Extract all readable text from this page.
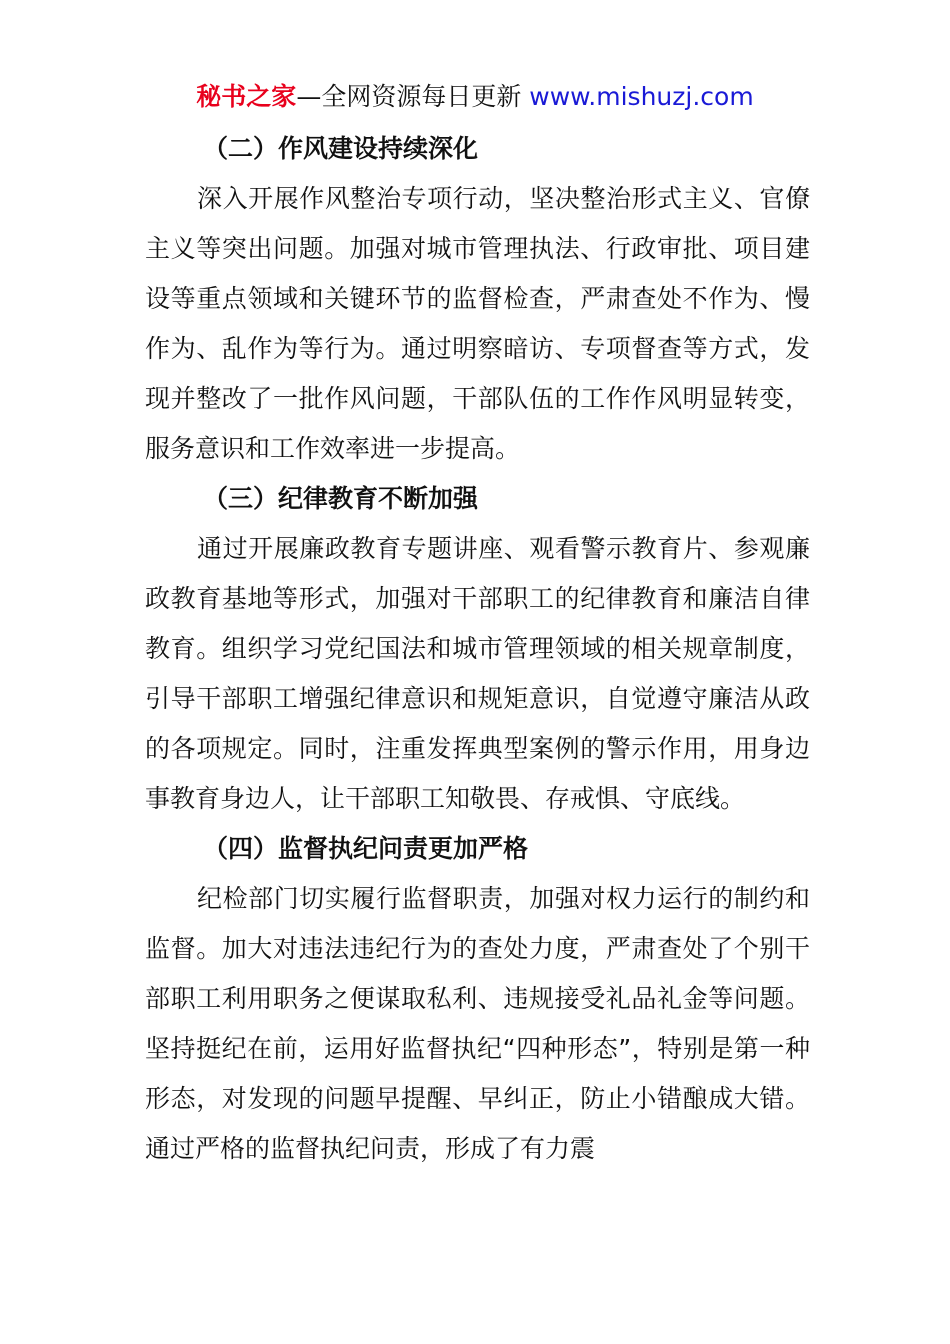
秘书之家—全网资源每日更新 www.mishuzj.com

（二）作风建设持续深化

深入开展作风整治专项行动，坚决整治形式主义、官僚主义等突出问题。加强对城市管理执法、行政审批、项目建设等重点领域和关键环节的监督检查，严肃查处不作为、慢作为、乱作为等行为。通过明察暗访、专项督查等方式，发现并整改了一批作风问题，干部队伍的工作作风明显转变，服务意识和工作效率进一步提高。

（三）纪律教育不断加强

通过开展廉政教育专题讲座、观看警示教育片、参观廉政教育基地等形式，加强对干部职工的纪律教育和廉洁自律教育。组织学习党纪国法和城市管理领域的相关规章制度，引导干部职工增强纪律意识和规矩意识，自觉遵守廉洁从政的各项规定。同时，注重发挥典型案例的警示作用，用身边事教育身边人，让干部职工知敬畏、存戒惧、守底线。

（四）监督执纪问责更加严格

纪检部门切实履行监督职责，加强对权力运行的制约和监督。加大对违法违纪行为的查处力度，严肃查处了个别干部职工利用职务之便谋取私利、违规接受礼品礼金等问题。坚持挺纪在前，运用好监督执纪“四种形态”，特别是第一种形态，对发现的问题早提醒、早纠正，防止小错酿成大错。通过严格的监督执纪问责，形成了有力震
